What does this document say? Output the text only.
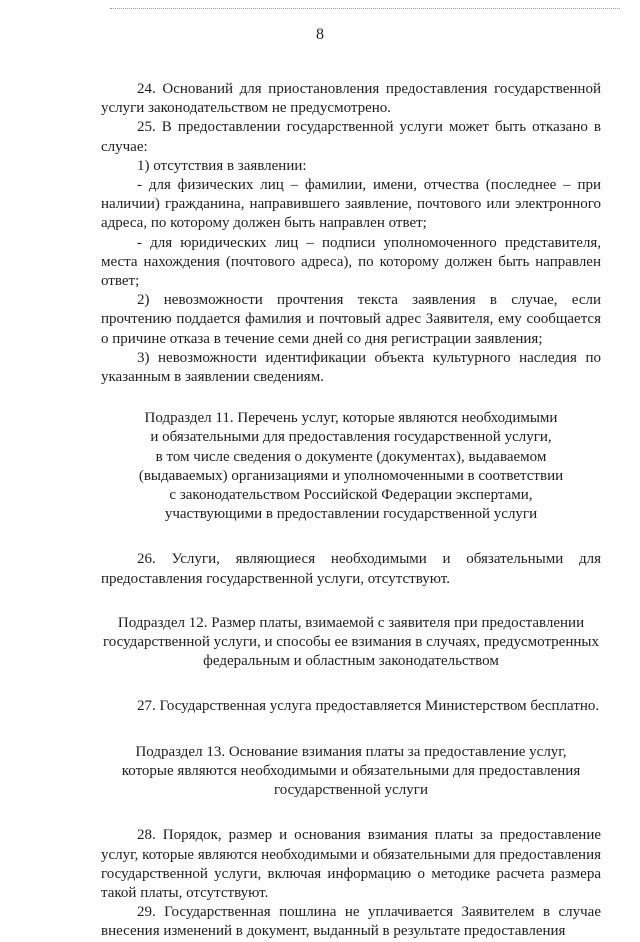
8

24. Оснований для приостановления предоставления государственной услуги законодательством не предусмотрено.

25. В предоставлении государственной услуги может быть отказано в случае:

1) отсутствия в заявлении:

- для физических лиц – фамилии, имени, отчества (последнее – при наличии) гражданина, направившего заявление, почтового или электронного адреса, по которому должен быть направлен ответ;

- для юридических лиц – подписи уполномоченного представителя, места нахождения (почтового адреса), по которому должен быть направлен ответ;

2) невозможности прочтения текста заявления в случае, если прочтению поддается фамилия и почтовый адрес Заявителя, ему сообщается о причине отказа в течение семи дней со дня регистрации заявления;

3) невозможности идентификации объекта культурного наследия по указанным в заявлении сведениям.

Подраздел 11. Перечень услуг, которые являются необходимыми
и обязательными для предоставления государственной услуги,
в том числе сведения о документе (документах), выдаваемом
(выдаваемых) организациями и уполномоченными в соответствии
с законодательством Российской Федерации экспертами,
участвующими в предоставлении государственной услуги

26. Услуги, являющиеся необходимыми и обязательными для предоставления государственной услуги, отсутствуют.

Подраздел 12. Размер платы, взимаемой с заявителя при предоставлении
государственной услуги, и способы ее взимания в случаях, предусмотренных
федеральным и областным законодательством

27. Государственная услуга предоставляется Министерством бесплатно.

Подраздел 13. Основание взимания платы за предоставление услуг,
которые являются необходимыми и обязательными для предоставления
государственной услуги

28. Порядок, размер и основания взимания платы за предоставление услуг, которые являются необходимыми и обязательными для предоставления государственной услуги, включая информацию о методике расчета размера такой платы, отсутствуют.

29. Государственная пошлина не уплачивается Заявителем в случае внесения изменений в документ, выданный в результате предоставления
